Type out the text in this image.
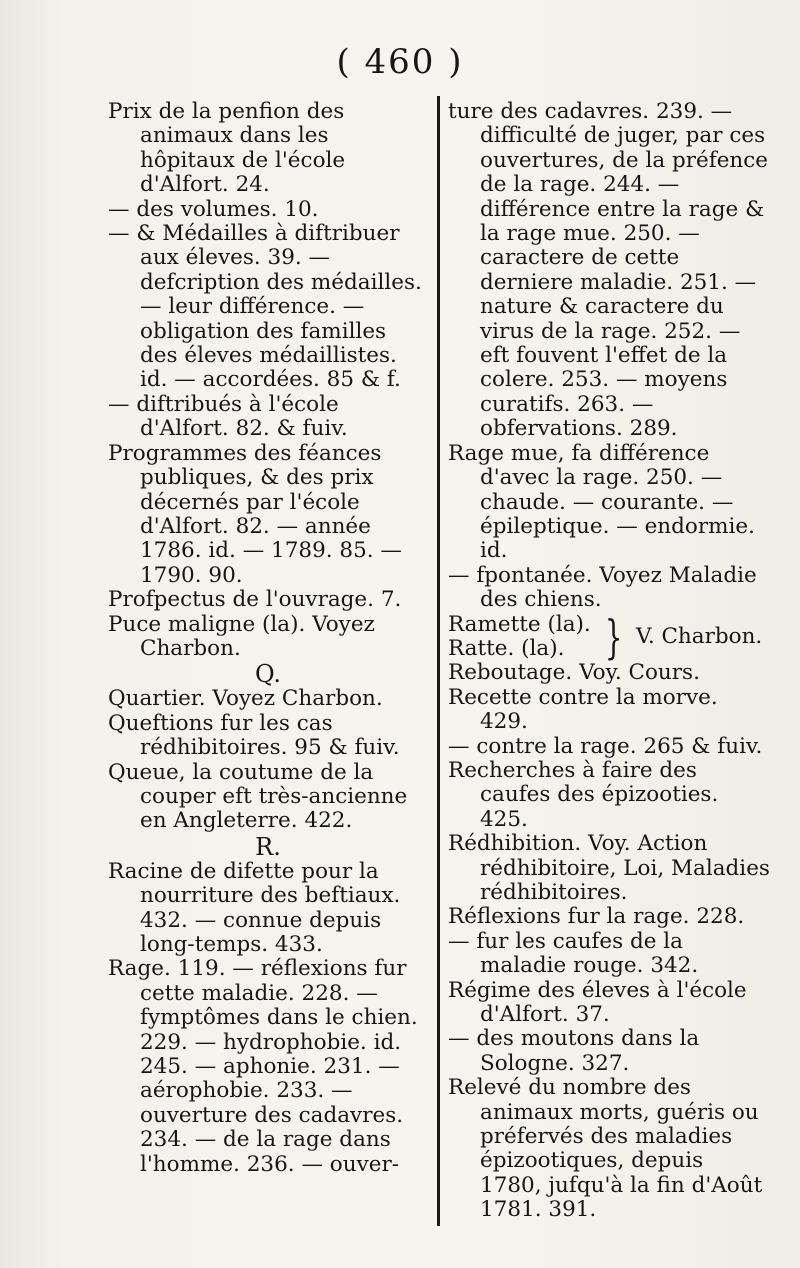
( 460 )

Prix de la penfion des animaux dans les hôpitaux de l'école d'Alfort. 24.

— des volumes. 10.

— & Médailles à diftribuer aux éleves. 39. — defcription des médailles. — leur différence. — obligation des familles des éleves médaillistes. id. — accordées. 85 & f.

— diftribués à l'école d'Alfort. 82. & fuiv.

Programmes des féances publiques, & des prix décernés par l'école d'Alfort. 82. — année 1786. id. — 1789. 85. — 1790. 90.

Profpectus de l'ouvrage. 7.

Puce maligne (la). Voyez Charbon.

Q.

Quartier. Voyez Charbon.

Queftions fur les cas rédhibitoires. 95 & fuiv.

Queue, la coutume de la couper eft très-ancienne en Angleterre. 422.

R.

Racine de difette pour la nourriture des beftiaux. 432. — connue depuis long-temps. 433.

Rage. 119. — réflexions fur cette maladie. 228. — fymptômes dans le chien. 229. — hydrophobie. id. 245. — aphonie. 231. — aérophobie. 233. — ouverture des cadavres. 234. — de la rage dans l'homme. 236. — ouver-

ture des cadavres. 239. — difficulté de juger, par ces ouvertures, de la préfence de la rage. 244. — différence entre la rage & la rage mue. 250. — caractere de cette derniere maladie. 251. — nature & caractere du virus de la rage. 252. — eft fouvent l'effet de la colere. 253. — moyens curatifs. 263. — obfervations. 289.

Rage mue, fa différence d'avec la rage. 250. — chaude. — courante. — épileptique. — endormie. id.

— fpontanée. Voyez Maladie des chiens.

Ramette (la).
Ratte. (la). } V. Charbon.

Reboutage. Voy. Cours.

Recette contre la morve. 429.

— contre la rage. 265 & fuiv.

Recherches à faire des caufes des épizooties. 425.

Rédhibition. Voy. Action rédhibitoire, Loi, Maladies rédhibitoires.

Réflexions fur la rage. 228.

— fur les caufes de la maladie rouge. 342.

Régime des éleves à l'école d'Alfort. 37.

— des moutons dans la Sologne. 327.

Relevé du nombre des animaux morts, guéris ou préfervés des maladies épizootiques, depuis 1780, jufqu'à la fin d'Août 1781. 391.
